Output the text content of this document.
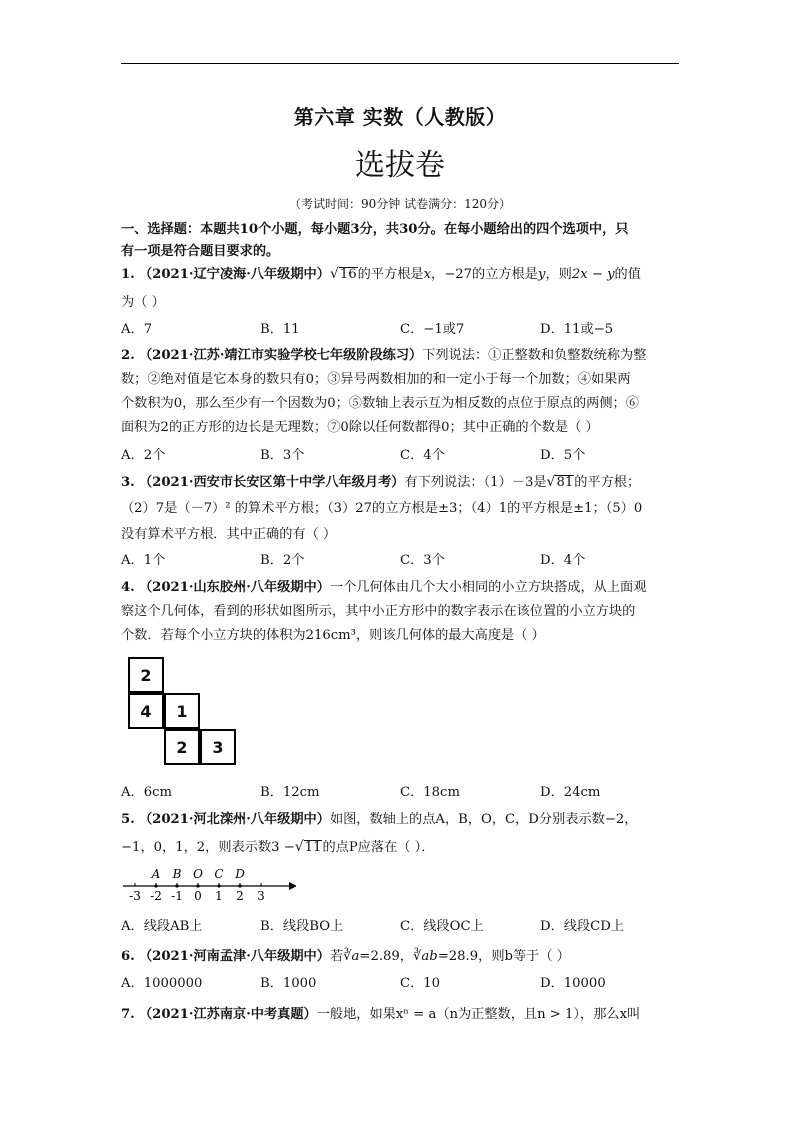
第六章 实数（人教版）
选拔卷
（考试时间：90分钟 试卷满分：120分）
一、选择题：本题共10个小题，每小题3分，共30分。在每小题给出的四个选项中，只
有一项是符合题目要求的。
1. （2021·辽宁凌海·八年级期中）√16的平方根是x，−27的立方根是y，则2x − y的值
为（ ）
A．7	B．11	C．−1或7	D．11或−5
2. （2021·江苏·靖江市实验学校七年级阶段练习）下列说法：①正整数和负整数统称为整
数；②绝对值是它本身的数只有0；③异号两数相加的和一定小于每一个加数；④如果两
个数积为0，那么至少有一个因数为0；⑤数轴上表示互为相反数的点位于原点的两侧；⑥
面积为2的正方形的边长是无理数；⑦0除以任何数都得0；其中正确的个数是（ ）
A．2个	B．3个	C．4个	D．5个
3. （2021·西安市长安区第十中学八年级月考）有下列说法：（1）－3是√81的平方根；
（2）7是（－7）² 的算术平方根；（3）27的立方根是±3；（4）1的平方根是±1；（5）0
没有算术平方根．其中正确的有（ ）
A．1个	B．2个	C．3个	D．4个
4. （2021·山东胶州·八年级期中）一个几何体由几个大小相同的小立方块搭成，从上面观
察这个几何体，看到的形状如图所示，其中小正方形中的数字表示在该位置的小立方块的
个数．若每个小立方块的体积为216cm³，则该几何体的最大高度是（ ）
2
4	1
2	3
A．6cm	B．12cm	C．18cm	D．24cm
5. （2021·河北滦州·八年级期中）如图，数轴上的点A，B，O，C，D分别表示数−2，
−1，0，1，2，则表示数3 −√11的点P应落在（ ）．
-3 -2 -1 0 1 2 3
A B O C D
A．线段AB上	B．线段BO上	C．线段OC上	D．线段CD上
6. （2021·河南孟津·八年级期中）若∛a=2.89，∛ab=28.9，则b等于（ ）
A．1000000	B．1000	C．10	D．10000
7. （2021·江苏南京·中考真题）一般地，如果xⁿ = a（n为正整数，且n > 1），那么x叫
